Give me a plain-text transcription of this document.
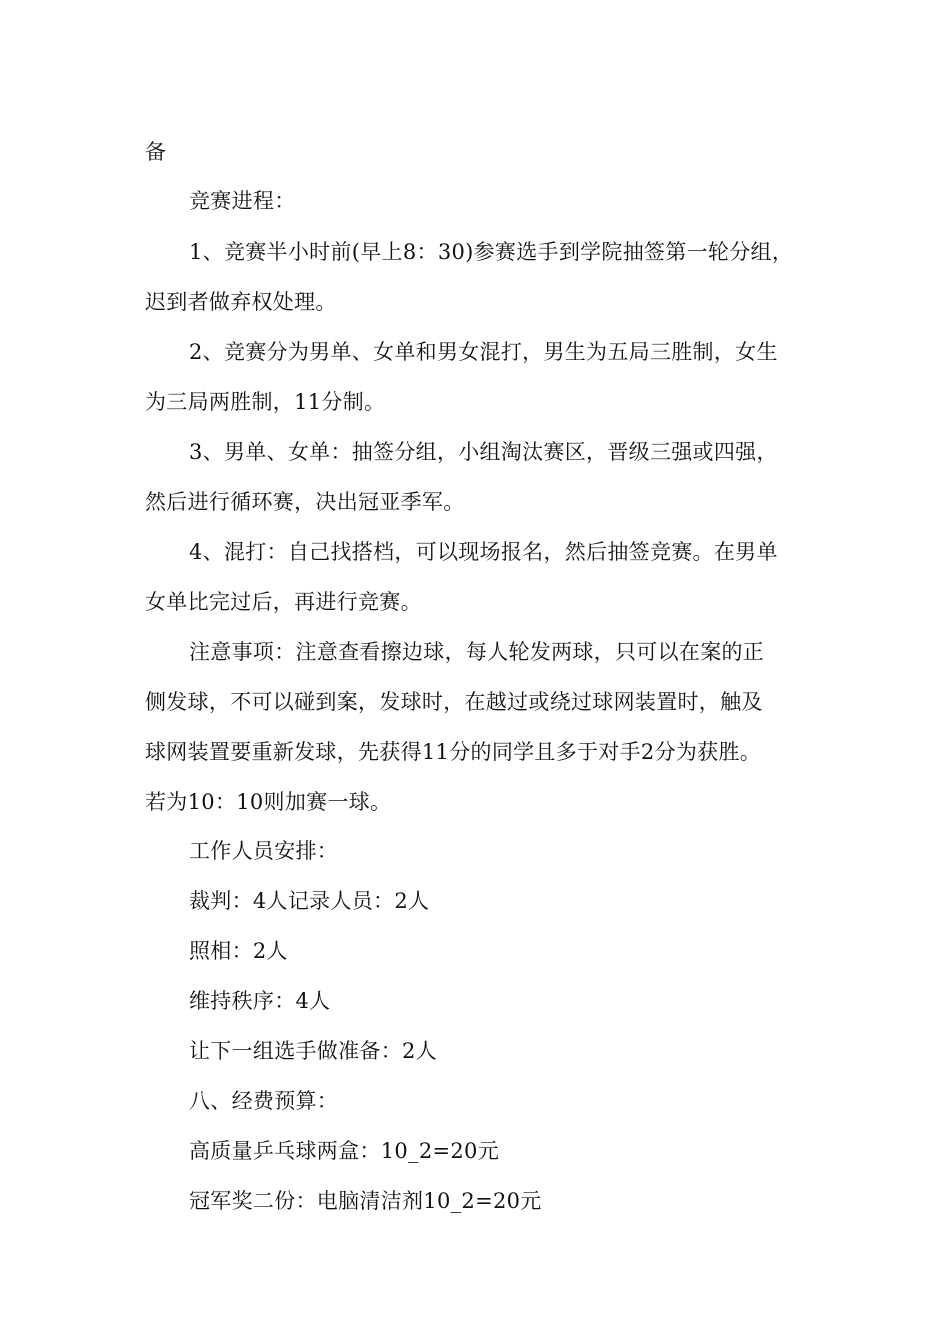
备
竞赛进程：
1、竞赛半小时前(早上8：30)参赛选手到学院抽签第一轮分组，
迟到者做弃权处理。
2、竞赛分为男单、女单和男女混打，男生为五局三胜制，女生
为三局两胜制，11分制。
3、男单、女单：抽签分组，小组淘汰赛区，晋级三强或四强，
然后进行循环赛，决出冠亚季军。
4、混打：自己找搭档，可以现场报名，然后抽签竞赛。在男单
女单比完过后，再进行竞赛。
注意事项：注意查看擦边球，每人轮发两球，只可以在案的正
侧发球，不可以碰到案，发球时，在越过或绕过球网装置时，触及
球网装置要重新发球，先获得11分的同学且多于对手2分为获胜。
若为10：10则加赛一球。
工作人员安排：
裁判：4人记录人员：2人
照相：2人
维持秩序：4人
让下一组选手做准备：2人
八、经费预算：
高质量乒乓球两盒：10_2=20元
冠军奖二份：电脑清洁剂10_2=20元
